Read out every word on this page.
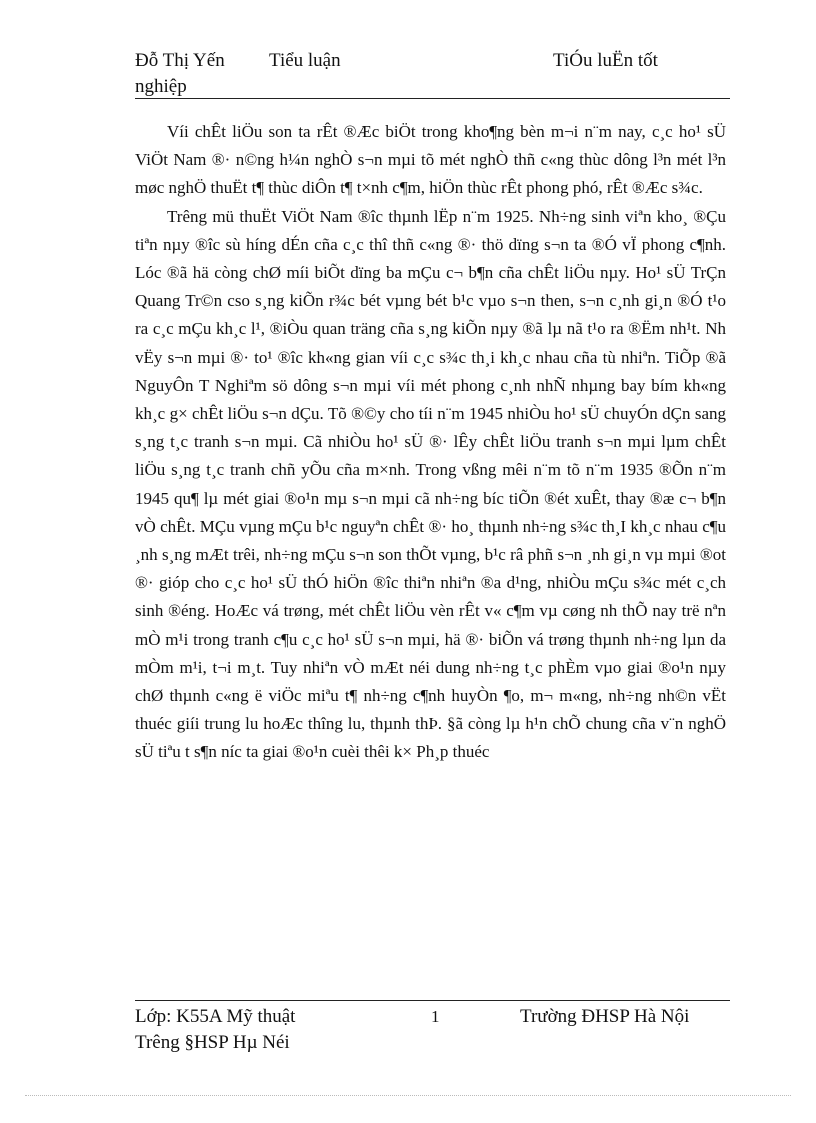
Đỗ Thị Yến Tiểu luận	TiÓu luËn tốt
nghiệp

Víi chÊt liÖu son ta rÊt ®Æc biÖt trong kho¶ng bèn m¬i n¨m nay, c¸c ho¹ sÜ ViÖt Nam ®· n©ng h¼n nghÒ s¬n mµi tõ mét nghÒ thñ c«ng thùc dông l³n mét l³n møc nghÖ thuËt t¶ thùc diÔn t¶ t×nh c¶m, hiÖn thùc rÊt phong phó, rÊt ®Æc s¾c.

Trêng mü thuËt ViÖt Nam ®îc thµnh lËp n¨m 1925. Nh÷ng sinh viªn kho¸ ®Çu tiªn nµy ®îc sù híng dÉn cña c¸c thî thñ c«ng ®· thö dïng s¬n ta ®Ó vÏ phong c¶nh. Lóc ®ã hä còng chØ míi biÕt dïng ba mÇu c¬ b¶n cña chÊt liÖu nµy. Ho¹ sÜ TrÇn Quang Tr©n cso s¸ng kiÕn r¾c bét vµng bét b¹c vµo s¬n then, s¬n c¸nh gi¸n ®Ó t¹o ra c¸c mÇu kh¸c l¹, ®iÒu quan träng cña s¸ng kiÕn nµy ®ã lµ nã t¹o ra ®Ëm nh¹t. Nh vËy s¬n mµi ®· to¹ ®îc kh«ng gian víi c¸c s¾c th¸i kh¸c nhau cña tù nhiªn. TiÕp ®ã NguyÔn T Nghiªm sö dông s¬n mµi víi mét phong c¸nh nhÑ nhµng bay bím kh«ng kh¸c g× chÊt liÖu s¬n dÇu. Tõ ®©y cho tíi n¨m 1945 nhiÒu ho¹ sÜ chuyÓn dÇn sang s¸ng t¸c tranh s¬n mµi. Cã nhiÒu ho¹ sÜ ®· lÊy chÊt liÖu tranh s¬n mµi lµm chÊt liÖu s¸ng t¸c tranh chñ yÕu cña m×nh. Trong vßng mêi n¨m tõ n¨m 1935 ®Õn n¨m 1945 qu¶ lµ mét giai ®o¹n mµ s¬n mµi cã nh÷ng bíc tiÕn ®ét xuÊt, thay ®æ c¬ b¶n vÒ chÊt. MÇu vµng mÇu b¹c nguyªn chÊt ®· ho¸ thµnh nh÷ng s¾c th¸I kh¸c nhau c¶u ¸nh s¸ng mÆt trêi, nh÷ng mÇu s¬n son thÕt vµng, b¹c râ phñ s¬n ¸nh gi¸n vµ mµi ®ot ®· gióp cho c¸c ho¹ sÜ thÓ hiÖn ®îc thiªn nhiªn ®a d¹ng, nhiÒu mÇu s¾c mét c¸ch sinh ®éng. HoÆc vá trøng, mét chÊt liÖu vèn rÊt v« c¶m vµ cøng nh thÕ nay trë nªn mÒ m¹i trong tranh c¶u c¸c ho¹ sÜ s¬n mµi, hä ®· biÕn vá trøng thµnh nh÷ng lµn da mÒm m¹i, t¬i m¸t. Tuy nhiªn vÒ mÆt néi dung nh÷ng t¸c phÈm vµo giai ®o¹n nµy chØ thµnh c«ng ë viÖc miªu t¶ nh÷ng c¶nh huyÒn ¶o, m¬ m«ng, nh÷ng nh©n vËt thuéc giíi trung lu hoÆc thîng lu, thµnh thÞ. §ã còng lµ h¹n chÕ chung cña v¨n nghÖ sÜ tiªu t s¶n níc ta giai ®o¹n cuèi thêi k× Ph¸p thuéc

Lớp: K55A Mỹ thuật	1	Trường ĐHSP Hà Nội
Trêng §HSP Hµ Néi
